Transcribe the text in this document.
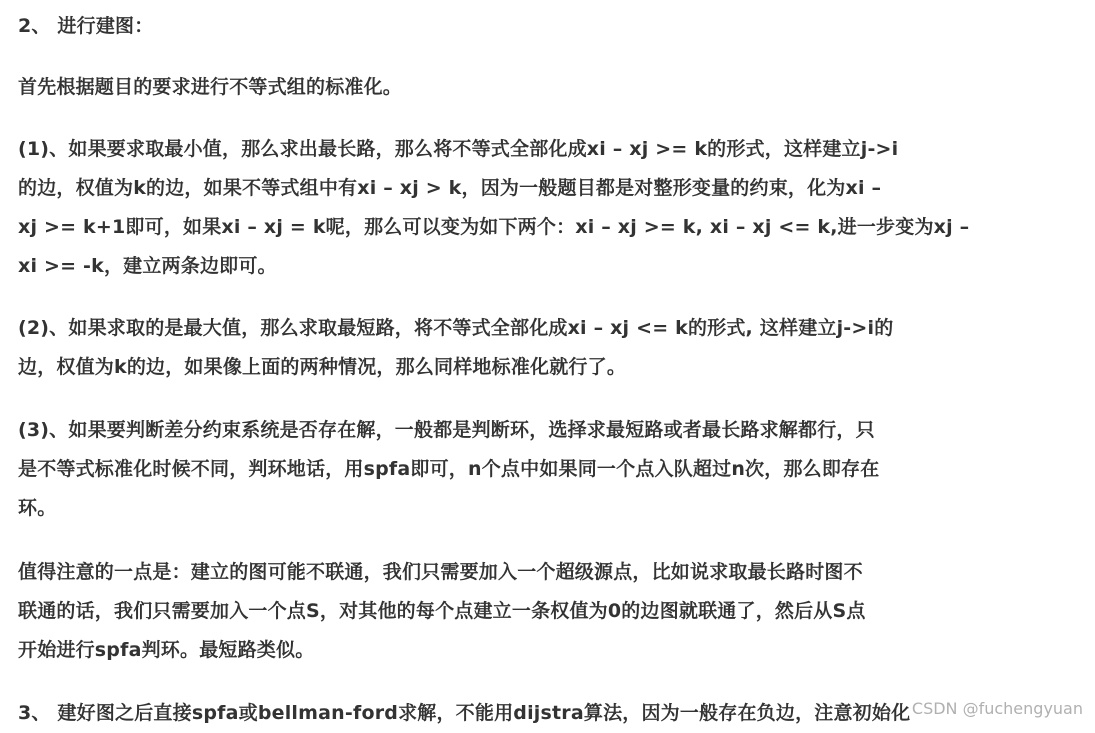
2、 进行建图：

首先根据题目的要求进行不等式组的标准化。

(1)、如果要求取最小值，那么求出最长路，那么将不等式全部化成xi – xj >= k的形式，这样建立j->i
的边，权值为k的边，如果不等式组中有xi – xj > k，因为一般题目都是对整形变量的约束，化为xi –
xj >= k+1即可，如果xi – xj = k呢，那么可以变为如下两个：xi – xj >= k, xi – xj <= k,进一步变为xj –
xi >= -k，建立两条边即可。

(2)、如果求取的是最大值，那么求取最短路，将不等式全部化成xi – xj <= k的形式, 这样建立j->i的
边，权值为k的边，如果像上面的两种情况，那么同样地标准化就行了。

(3)、如果要判断差分约束系统是否存在解，一般都是判断环，选择求最短路或者最长路求解都行，只
是不等式标准化时候不同，判环地话，用spfa即可，n个点中如果同一个点入队超过n次，那么即存在
环。

值得注意的一点是：建立的图可能不联通，我们只需要加入一个超级源点，比如说求取最长路时图不
联通的话，我们只需要加入一个点S，对其他的每个点建立一条权值为0的边图就联通了，然后从S点
开始进行spfa判环。最短路类似。

3、 建好图之后直接spfa或bellman-ford求解，不能用dijstra算法，因为一般存在负边，注意初始化 CSDN @fuchengyuan
